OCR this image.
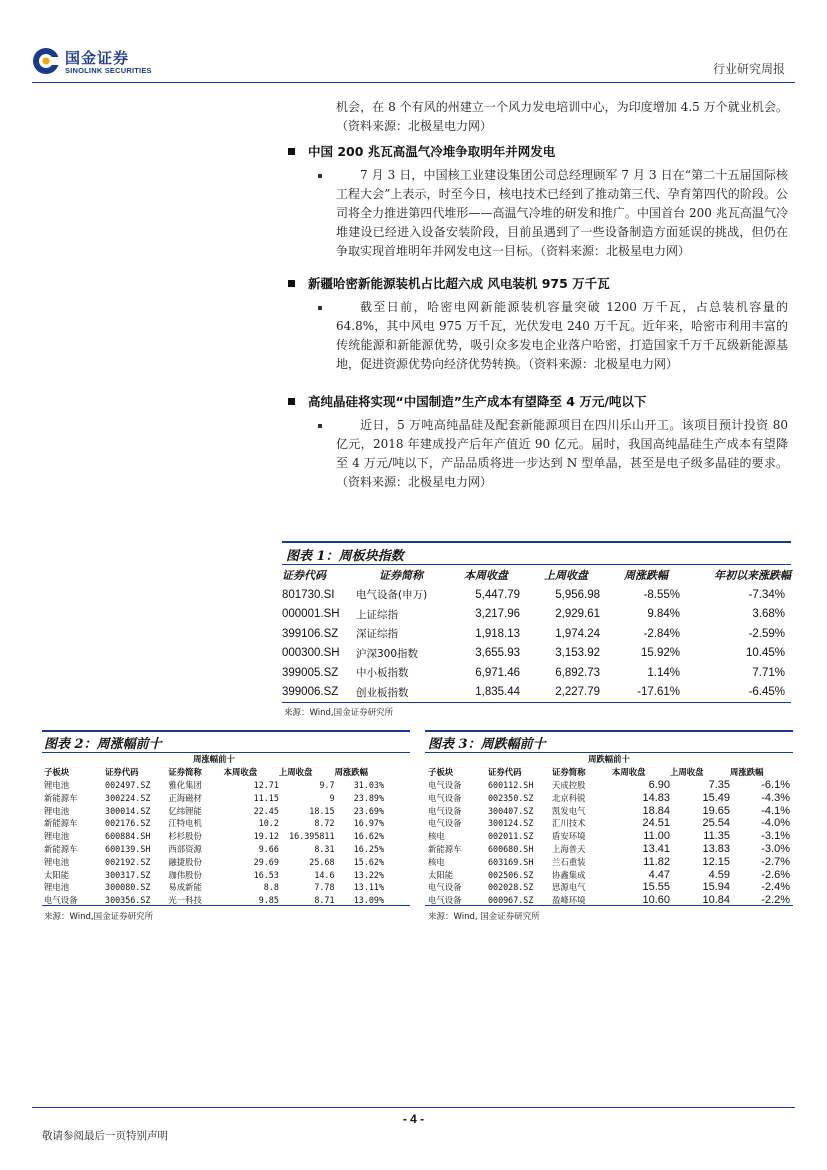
国金证券
SINOLINK SECURITIES	行业研究周报
机会，在 8 个有风的州建立一个风力发电培训中心，为印度增加 4.5 万个就业机会。（资料来源：北极星电力网）
中国 200 兆瓦高温气冷堆争取明年并网发电
7 月 3 日，中国核工业建设集团公司总经理顾军 7 月 3 日在“第二十五届国际核工程大会”上表示，时至今日，核电技术已经到了推动第三代、孕育第四代的阶段。公司将全力推进第四代堆形——高温气冷堆的研发和推广。中国首台 200 兆瓦高温气冷堆建设已经进入设备安装阶段，目前虽遇到了一些设备制造方面延误的挑战，但仍在争取实现首堆明年并网发电这一目标。（资料来源：北极星电力网）
新疆哈密新能源装机占比超六成 风电装机 975 万千瓦
截至日前，哈密电网新能源装机容量突破 1200 万千瓦，占总装机容量的 64.8%，其中风电 975 万千瓦，光伏发电 240 万千瓦。近年来，哈密市利用丰富的传统能源和新能源优势，吸引众多发电企业落户哈密，打造国家千万千瓦级新能源基地，促进资源优势向经济优势转换。（资料来源：北极星电力网）
高纯晶硅将实现“中国制造”生产成本有望降至 4 万元/吨以下
近日，5 万吨高纯晶硅及配套新能源项目在四川乐山开工。该项目预计投资 80 亿元，2018 年建成投产后年产值近 90 亿元。届时，我国高纯晶硅生产成本有望降至 4 万元/吨以下，产品品质将进一步达到 N 型单晶，甚至是电子级多晶硅的要求。（资料来源：北极星电力网）
图表 1：周板块指数
证券代码	证券简称	本周收盘	上周收盘	周涨跌幅	年初以来涨跌幅
801730.SI	电气设备(申万)	5,447.79	5,956.98	-8.55%	-7.34%
000001.SH	上证综指	3,217.96	2,929.61	9.84%	3.68%
399106.SZ	深证综指	1,918.13	1,974.24	-2.84%	-2.59%
000300.SH	沪深300指数	3,655.93	3,153.92	15.92%	10.45%
399005.SZ	中小板指数	6,971.46	6,892.73	1.14%	7.71%
399006.SZ	创业板指数	1,835.44	2,227.79	-17.61%	-6.45%
来源：Wind,国金证券研究所
图表 2：周涨幅前十
周涨幅前十					
子板块	证券代码	证券简称	本周收盘	上周收盘	周涨跌幅
锂电池	002497.SZ	雅化集团	12.71	9.7	31.03%
新能源车	300224.SZ	正海磁材	11.15	9	23.89%
锂电池	300014.SZ	亿纬锂能	22.45	18.15	23.69%
新能源车	002176.SZ	江特电机	10.2	8.72	16.97%
锂电池	600884.SH	杉杉股份	19.12	16.395811	16.62%
新能源车	600139.SH	西部资源	9.66	8.31	16.25%
锂电池	002192.SZ	融捷股份	29.69	25.68	15.62%
太阳能	300317.SZ	珈伟股份	16.53	14.6	13.22%
锂电池	300080.SZ	易成新能	8.8	7.78	13.11%
电气设备	300356.SZ	光一科技	9.85	8.71	13.09%
来源：Wind,国金证券研究所
图表 3：周跌幅前十
周跌幅前十					
子板块	证券代码	证券简称	本周收盘	上周收盘	周涨跌幅
电气设备	600112.SH	天成控股	6.90	7.35	-6.1%
电气设备	002350.SZ	北京科锐	14.83	15.49	-4.3%
电气设备	300407.SZ	凯发电气	18.84	19.65	-4.1%
电气设备	300124.SZ	汇川技术	24.51	25.54	-4.0%
核电	002011.SZ	盾安环境	11.00	11.35	-3.1%
新能源车	600680.SH	上海普天	13.41	13.83	-3.0%
核电	603169.SH	兰石重装	11.82	12.15	-2.7%
太阳能	002506.SZ	协鑫集成	4.47	4.59	-2.6%
电气设备	002028.SZ	思源电气	15.55	15.94	-2.4%
电气设备	000967.SZ	盈峰环境	10.60	10.84	-2.2%
来源：Wind, 国金证券研究所
- 4 -
敬请参阅最后一页特别声明
